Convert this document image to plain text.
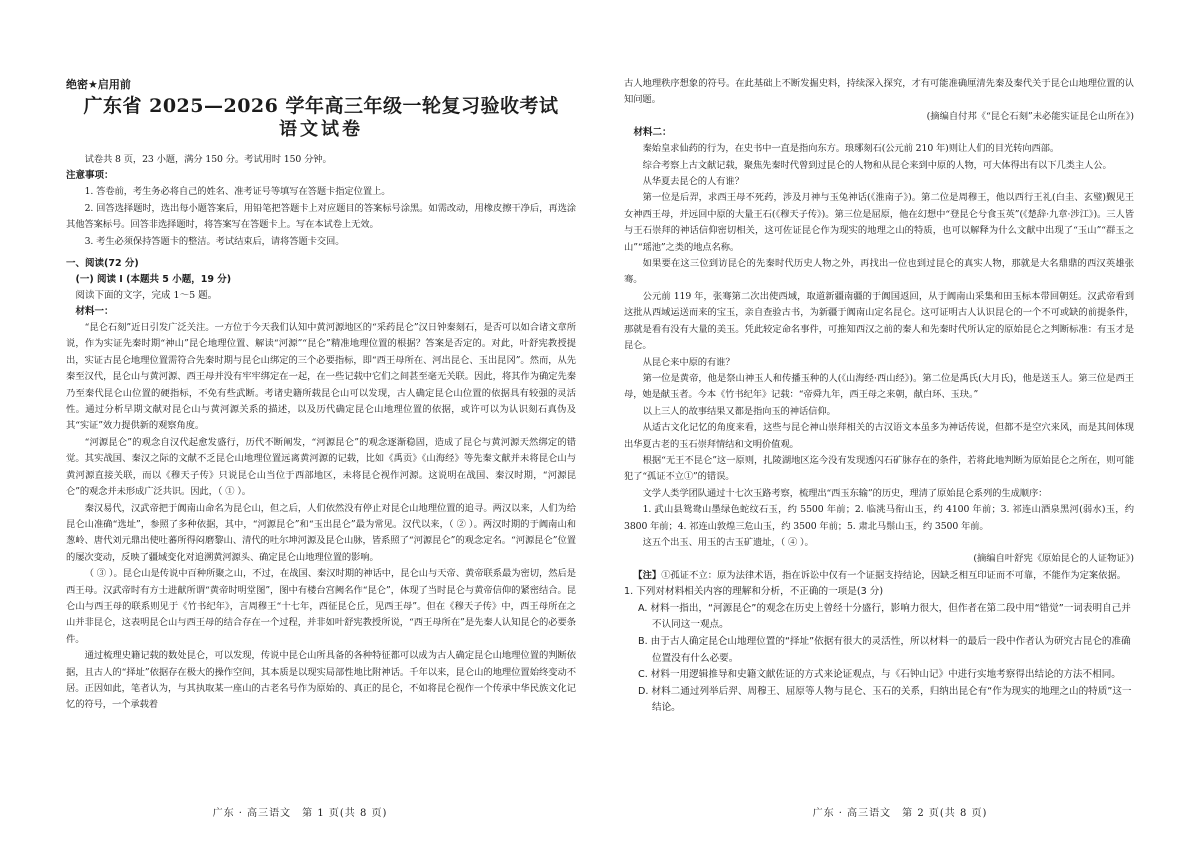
绝密★启用前

广东省 2025—2026 学年高三年级一轮复习验收考试
语文试卷

试卷共 8 页，23 小题，满分 150 分。考试用时 150 分钟。

注意事项：

1. 答卷前，考生务必将自己的姓名、准考证号等填写在答题卡指定位置上。

2. 回答选择题时，选出每小题答案后，用铅笔把答题卡上对应题目的答案标号涂黑。如需改动，用橡皮擦干净后，再选涂其他答案标号。回答非选择题时，将答案写在答题卡上。写在本试卷上无效。

3. 考生必须保持答题卡的整洁。考试结束后，请将答题卡交回。

一、阅读(72 分)

(一) 阅读 Ⅰ (本题共 5 小题，19 分)

阅读下面的文字，完成 1～5 题。

材料一：

“昆仑石刻”近日引发广泛关注。一方位于今天我们认知中黄河源地区的“采药昆仑”汉日钟秦刻石，是否可以如合诸文章所说，作为实证先秦时期“神山”昆仑地理位置、解读“河源”“昆仑”精准地理位置的根据？答案是否定的。对此，叶舒宪教授提出，实证古昆仑地理位置需符合先秦时期与昆仑山绑定的三个必要指标，即“西王母所在、河出昆仑、玉出昆冈”。然而，从先秦至汉代，昆仑山与黄河源、西王母并没有牢牢绑定在一起，在一些记载中它们之间甚至毫无关联。因此，将其作为确定先秦乃至秦代昆仑山位置的硬指标，不免有些武断。考诸史籍所载昆仑山可以发现，古人确定昆仑山位置的依据具有较强的灵活性。通过分析早期文献对昆仑山与黄河源关系的描述，以及历代确定昆仑山地理位置的依据，或许可以为认识刻石真伪及其“实证”效力提供新的观察角度。

“河源昆仑”的观念自汉代起愈发盛行，历代不断阐发，“河源昆仑”的观念逐渐稳固，造成了昆仑与黄河源天然绑定的错觉。其实战国、秦汉之际的文献不乏昆仑山地理位置远离黄河源的记载，比如《禹贡》《山海经》等先秦文献并未将昆仑山与黄河源直接关联，而以《穆天子传》只说昆仑山当位于西部地区，未将昆仑视作河源。这说明在战国、秦汉时期，“河源昆仑”的观念并未形成广泛共识。因此，（ ① ）。

秦汉易代，汉武帝把于阗南山命名为昆仑山，但之后，人们依然没有停止对昆仑山地理位置的追寻。两汉以来，人们为给昆仑山准确“选址”，参照了多种依据，其中，“河源昆仑”和“玉出昆仑”最为常见。汉代以来，（ ② ）。两汉时期的于阗南山和葱岭、唐代刘元鼎出使吐蕃所得闷磨黎山、清代的吐尔坤河源及昆仑山脉，皆系照了“河源昆仑”的观念定名。“河源昆仑”位置的屡次变动，反映了疆域变化对追溯黄河源头、确定昆仑山地理位置的影响。

（ ③ ）。昆仑山是传说中百种所聚之山，不过，在战国、秦汉时期的神话中，昆仑山与天帝、黄帝联系最为密切，然后是西王母。汉武帝时有方士进献所谓“黄帝时明堂图”，图中有楼台宫阙名作“昆仑”，体现了当时昆仑与黄帝信仰的紧密结合。昆仑山与西王母的联系则见于《竹书纪年》，言周穆王“十七年，西征昆仑丘，见西王母”。但在《穆天子传》中，西王母所在之山并非昆仑，这表明昆仑山与西王母的结合存在一个过程，并非如叶舒宪教授所说，“西王母所在”是先秦人认知昆仑的必要条件。

通过梳理史籍记载的数处昆仑，可以发现，传说中昆仑山所具备的各种特征都可以成为古人确定昆仑山地理位置的判断依据，且古人的“择址”依据存在极大的操作空间，其本质是以现实局部性地比附神话。千年以来，昆仑山的地理位置始终变动不居。正因如此，笔者认为，与其执取某一座山的古老名号作为原始的、真正的昆仑，不如将昆仑视作一个传承中华民族文化记忆的符号，一个承载着

广东 · 高三语文　第 1 页(共 8 页)

古人地理秩序想象的符号。在此基础上不断发掘史料，持续深入探究，才有可能准确厘清先秦及秦代关于昆仑山地理位置的认知问题。

(摘编自付邦《“昆仑石刻”未必能实证昆仑山所在》)

材料二：

秦始皇求仙药的行为，在史书中一直是指向东方。琅琊刻石(公元前 210 年)则让人们的目光转向西部。

综合考察上古文献记载，聚焦先秦时代曾到过昆仑的人物和从昆仑来到中原的人物，可大体得出有以下几类主人公。

从华夏去昆仑的人有谁？

第一位是后羿，求西王母不死药，涉及月神与玉兔神话(《淮南子》)。第二位是周穆王，他以西行王礼(白圭、玄璧)觐见王女神西王母，并远回中原的大量王石(《穆天子传》)。第三位是屈原，他在幻想中“登昆仑兮食玉英”(《楚辞·九章·涉江》)。三人皆与王石崇拜的神话信仰密切相关，这可佐证昆仑作为现实的地理之山的特质，也可以解释为什么文献中出现了“玉山”“群玉之山”“瑶池”之类的地点名称。

如果要在这三位到访昆仑的先秦时代历史人物之外，再找出一位也到过昆仑的真实人物，那就是大名鼎鼎的西汉英雄张骞。

公元前 119 年，张骞第二次出使西域，取道新疆南疆的于阗国返回，从于阗南山采集和田玉标本带回朝廷。汉武帝看到这批从西域运送而来的宝玉，亲自查验古书，为新疆于阗南山定名昆仑。这可证明古人认识昆仑的一个不可或缺的前提条件，那就是看有没有大量的美玉。凭此较定命名事件，可推知西汉之前的秦人和先秦时代所认定的原始昆仑之判断标准：有玉才是昆仑。

从昆仑来中原的有谁？

第一位是黄帝，他是祭山神玉人和传播玉种的人(《山海经·西山经》)。第二位是禹氏(大月氏)，他是送玉人。第三位是西王母，她是献玉者。今本《竹书纪年》记载：“帝舜九年，西王母之来朝，献白环、玉玦。”

以上三人的故事结果又都是指向玉的神话信仰。

从适古文化记忆的角度来看，这些与昆仑神山崇拜相关的古汉语文本虽多为神话传说，但都不是空穴来风，而是其间体现出华夏古老的玉石崇拜情结和文明价值观。

根据“无王不昆仑”这一原则，扎陵湖地区迄今没有发现透闪石矿脉存在的条件，若将此地判断为原始昆仑之所在，则可能犯了“孤证不立①”的错误。

文学人类学团队通过十七次玉路考察，梳理出“西玉东输”的历史，理清了原始昆仑系列的生成顺序：

1. 武山县鸳鸯山墨绿色蛇纹石玉，约 5500 年前；2. 临洮马衔山玉，约 4100 年前；3. 祁连山酒泉黑河(弱水)玉，约 3800 年前；4. 祁连山敦煌三危山玉，约 3500 年前；5. 肃北马鬃山玉，约 3500 年前。

这五个出玉、用玉的古玉矿遗址，（ ④ ）。

(摘编自叶舒宪《原始昆仑的人证物证》)

【注】①孤证不立：原为法律术语，指在诉讼中仅有一个证据支持结论，因缺乏相互印证而不可靠，不能作为定案依据。

1. 下列对材料相关内容的理解和分析，不正确的一项是(3 分)

A. 材料一指出，“河源昆仑”的观念在历史上曾经十分盛行，影响力很大，但作者在第二段中用“错觉”一词表明自己并不认同这一观点。

B. 由于古人确定昆仑山地理位置的“择址”依据有很大的灵活性，所以材料一的最后一段中作者认为研究古昆仑的准确位置没有什么必要。

C. 材料一用逻辑推导和史籍文献佐证的方式来论证观点，与《石钟山记》中进行实地考察得出结论的方法不相同。

D. 材料二通过列举后羿、周穆王、屈原等人物与昆仑、玉石的关系，归纳出昆仑有“作为现实的地理之山的特质”这一结论。

广东 · 高三语文　第 2 页(共 8 页)
